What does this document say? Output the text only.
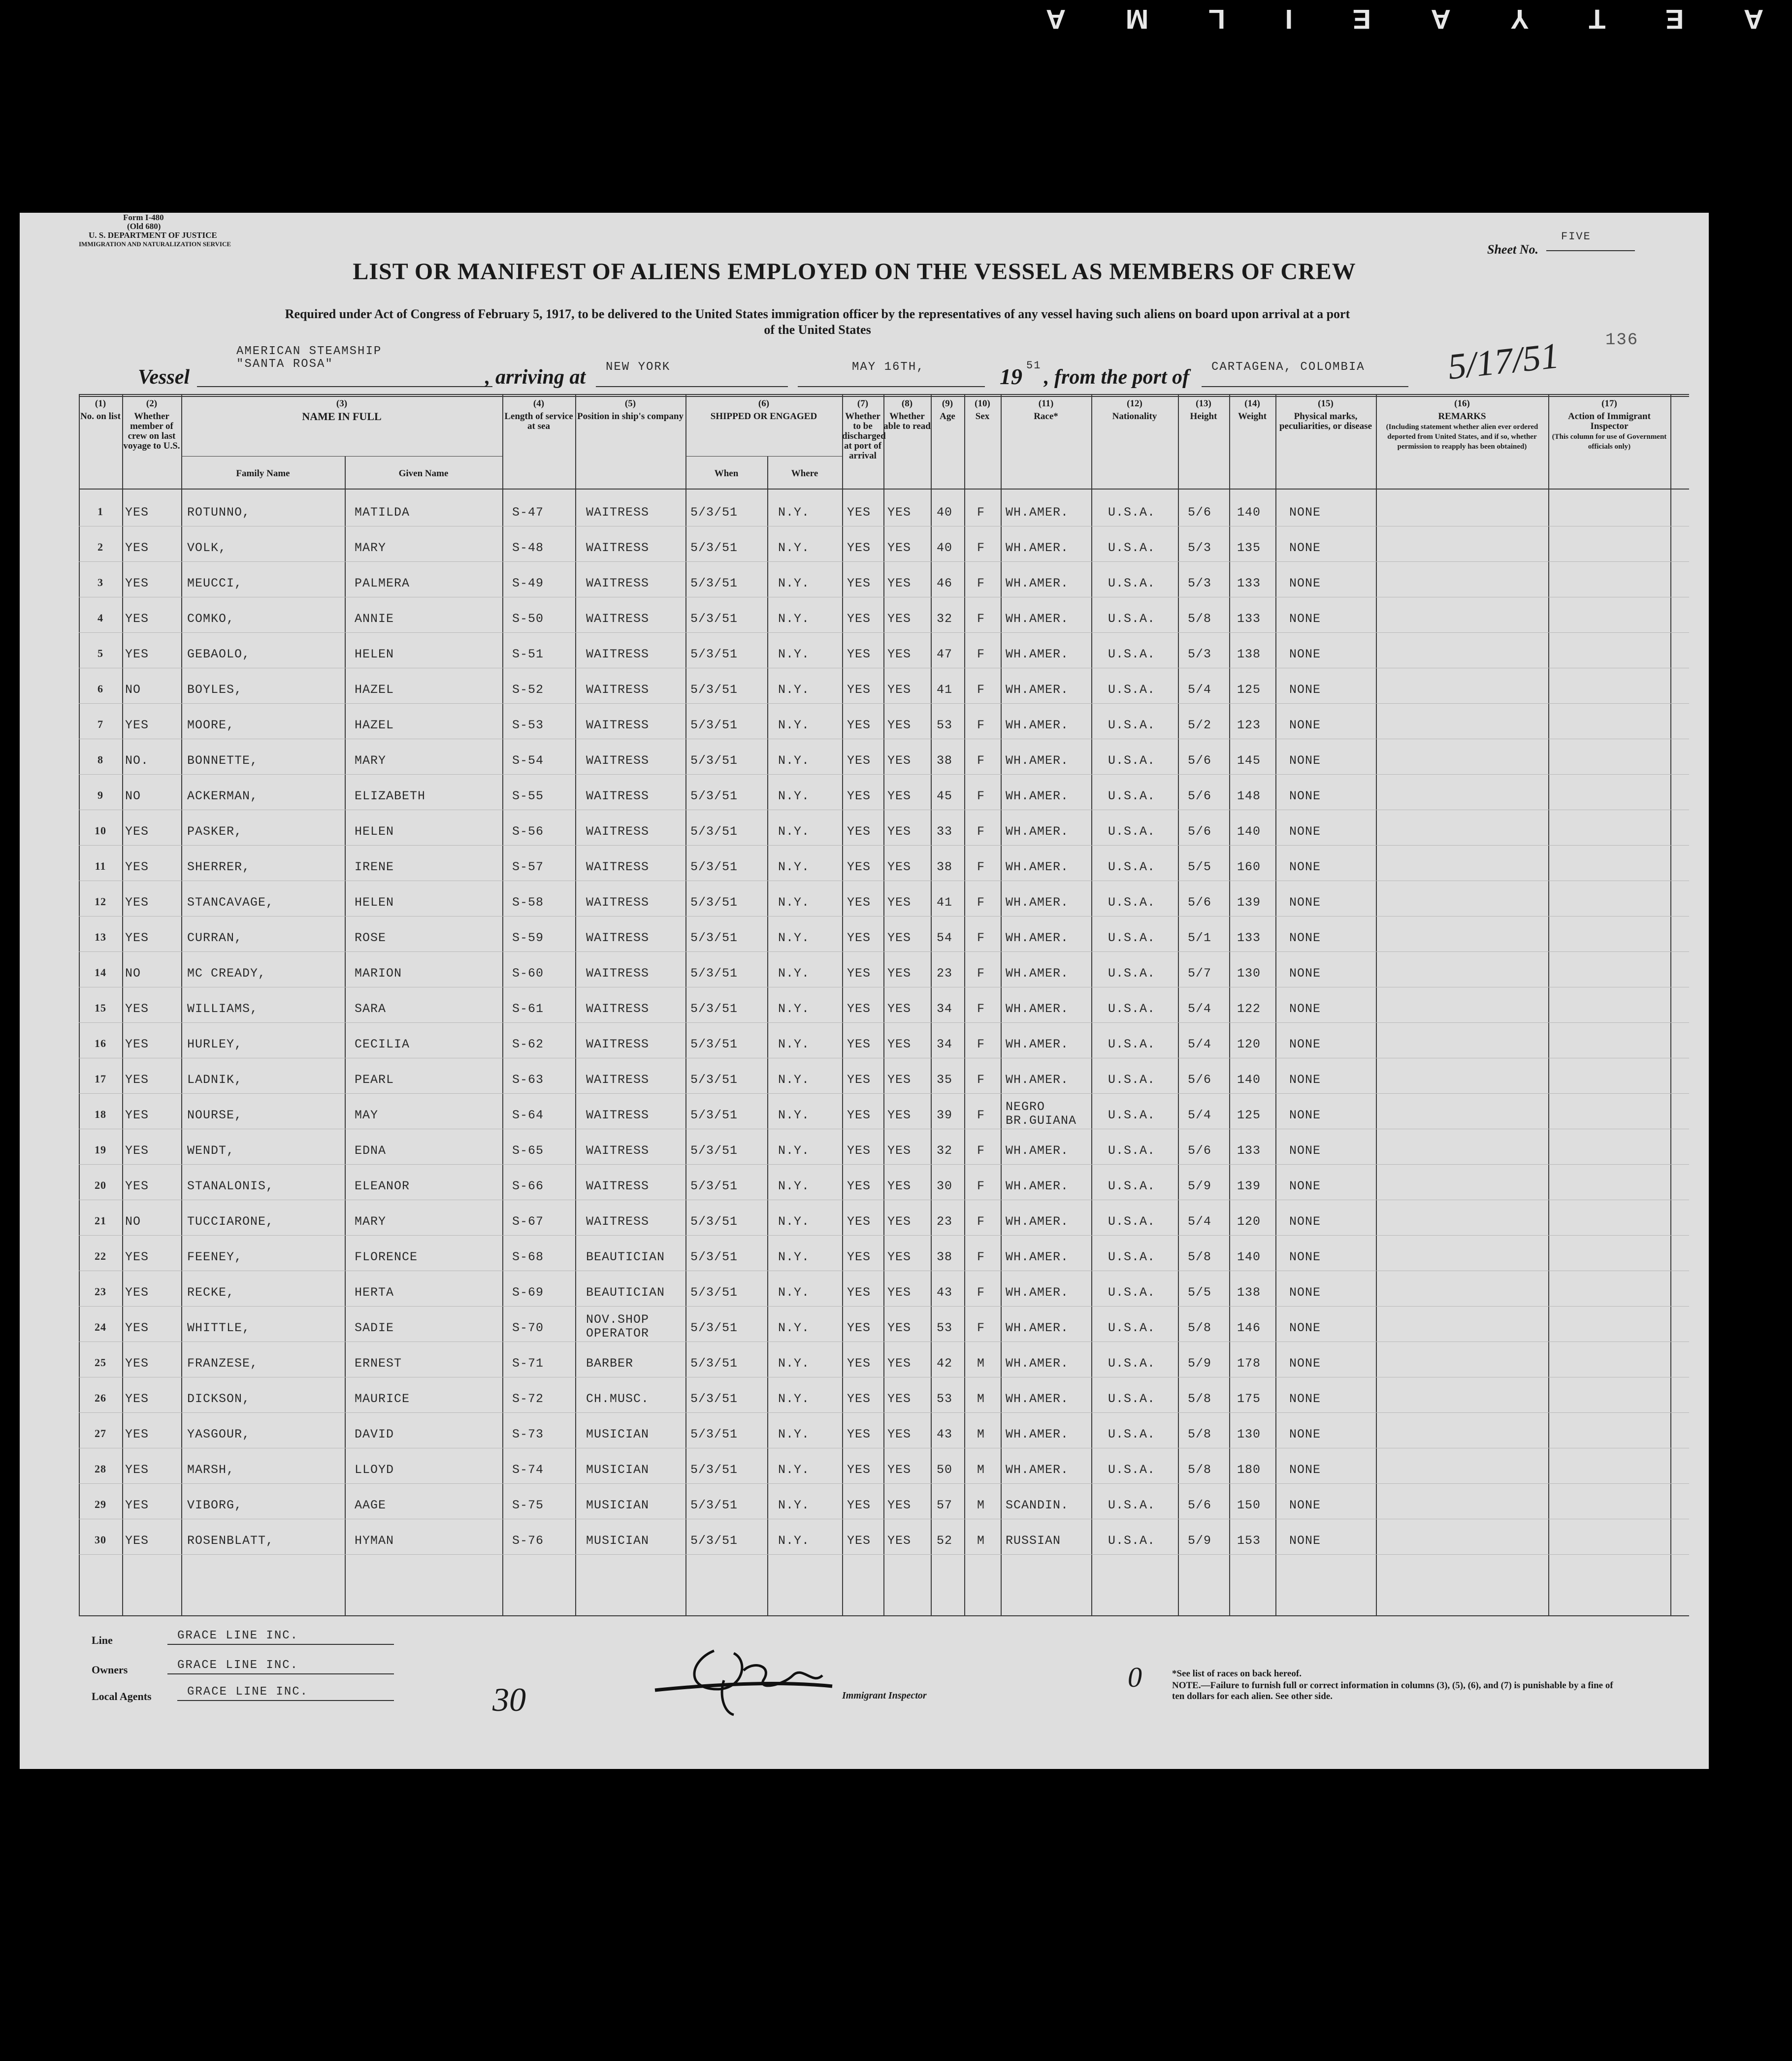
A
E
T
Y
A
E
I
L
M
A
Form I-480
(Old 680)
U. S. DEPARTMENT OF JUSTICE
IMMIGRATION AND NATURALIZATION SERVICE	Sheet No.
FIVE
LIST OR MANIFEST OF ALIENS EMPLOYED ON THE VESSEL AS MEMBERS OF CREW
Required under Act of Congress of February 5, 1917, to be delivered to the United States immigration officer by the representatives of any vessel having such aliens on board upon arrival at a port
of the United States
136
Vessel
AMERICAN STEAMSHIP
"SANTA ROSA"
, arriving at NEW YORK	MAY 16TH,	19 51
, from the port of CARTAGENA, COLOMBIA 5/17/51
(1)
No. on list
(2)
Whether member of crew on last voyage to U.S.
(3)
NAME IN FULL
Family Name	Given Name
(4)
Length of service at sea
(5)
Position in ship's company
(6)
SHIPPED OR ENGAGED
When	Where
(7)
Whether to be discharged at port of arrival
(8)
Whether able to read
(9)
Age
(10)
Sex
(11)
Race*
(12)
Nationality
(13)
Height
(14)
Weight
(15)
Physical marks, peculiarities, or disease
(16)
REMARKS
(Including statement whether alien ever ordered deported from United States, and if so, whether permission to reapply has been obtained)
(17)
Action of Immigrant Inspector
(This column for use of Government officials only)
1	YES	ROTUNNO,	MATILDA	S-47	WAITRESS	5/3/51	N.Y.	YES YES 40 F WH.AMER.	U.S.A.	5/6 140 NONE
2	YES	VOLK,	MARY	S-48	WAITRESS	5/3/51	N.Y.	YES YES 40 F WH.AMER.	U.S.A.	5/3 135 NONE
3	YES	MEUCCI,	PALMERA	S-49	WAITRESS	5/3/51	N.Y.	YES YES 46 F WH.AMER.	U.S.A.	5/3 133 NONE
4	YES	COMKO,	ANNIE	S-50	WAITRESS	5/3/51	N.Y.	YES YES 32 F WH.AMER.	U.S.A.	5/8 133 NONE
5	YES	GEBAOLO,	HELEN	S-51	WAITRESS	5/3/51	N.Y.	YES YES 47 F WH.AMER.	U.S.A.	5/3 138 NONE
6	NO	BOYLES,	HAZEL	S-52	WAITRESS	5/3/51	N.Y.	YES YES 41 F WH.AMER.	U.S.A.	5/4 125 NONE
7	YES	MOORE,	HAZEL	S-53	WAITRESS	5/3/51	N.Y.	YES YES 53 F WH.AMER.	U.S.A.	5/2 123 NONE
8	NO.	BONNETTE,	MARY	S-54	WAITRESS	5/3/51	N.Y.	YES YES 38 F WH.AMER.	U.S.A.	5/6 145 NONE
9	NO	ACKERMAN,	ELIZABETH	S-55	WAITRESS	5/3/51	N.Y.	YES YES 45 F WH.AMER.	U.S.A.	5/6 148 NONE
10	YES	PASKER,	HELEN	S-56	WAITRESS	5/3/51	N.Y.	YES YES 33 F WH.AMER.	U.S.A.	5/6 140 NONE
11	YES	SHERRER,	IRENE	S-57	WAITRESS	5/3/51	N.Y.	YES YES 38 F WH.AMER.	U.S.A.	5/5 160 NONE
12	YES	STANCAVAGE,	HELEN	S-58	WAITRESS	5/3/51	N.Y.	YES YES 41 F WH.AMER.	U.S.A.	5/6 139 NONE
13	YES	CURRAN,	ROSE	S-59	WAITRESS	5/3/51	N.Y.	YES YES 54 F WH.AMER.	U.S.A.	5/1 133 NONE
14	NO	MC CREADY,	MARION	S-60	WAITRESS	5/3/51	N.Y.	YES YES 23 F WH.AMER.	U.S.A.	5/7 130 NONE
15	YES	WILLIAMS,	SARA	S-61	WAITRESS	5/3/51	N.Y.	YES YES 34 F WH.AMER.	U.S.A.	5/4 122 NONE
16	YES	HURLEY,	CECILIA	S-62	WAITRESS	5/3/51	N.Y.	YES YES 34 F WH.AMER.	U.S.A.	5/4 120 NONE
17	YES	LADNIK,	PEARL	S-63	WAITRESS	5/3/51	N.Y.	YES YES 35 F WH.AMER.	U.S.A.	5/6 140 NONE
18	YES	NOURSE,	MAY	S-64	WAITRESS	5/3/51	N.Y.	YES YES 39 F
NEGRO BR.GUIANA	U.S.A.	5/4 125 NONE
19	YES	WENDT,	EDNA	S-65	WAITRESS	5/3/51	N.Y.	YES YES 32 F WH.AMER.	U.S.A.	5/6 133 NONE
20	YES	STANALONIS,	ELEANOR	S-66	WAITRESS	5/3/51	N.Y.	YES YES 30 F WH.AMER.	U.S.A.	5/9 139 NONE
21	NO	TUCCIARONE,	MARY	S-67	WAITRESS	5/3/51	N.Y.	YES YES 23 F WH.AMER.	U.S.A.	5/4 120 NONE
22	YES	FEENEY,	FLORENCE	S-68	BEAUTICIAN 5/3/51	N.Y.	YES YES 38 F WH.AMER.	U.S.A.	5/8 140 NONE
23	YES	RECKE,	HERTA	S-69	BEAUTICIAN 5/3/51	N.Y.	YES YES 43 F WH.AMER.	U.S.A.	5/5 138 NONE
24	YES	WHITTLE,	SADIE	S-70
NOV.SHOP OPERATOR	5/3/51	N.Y.	YES YES 53 F WH.AMER.	U.S.A.	5/8 146 NONE
25	YES	FRANZESE,	ERNEST	S-71	BARBER	5/3/51	N.Y.	YES YES 42 M WH.AMER.	U.S.A.	5/9 178 NONE
26	YES	DICKSON,	MAURICE	S-72	CH.MUSC.	5/3/51	N.Y.	YES YES 53 M WH.AMER.	U.S.A.	5/8 175 NONE
27	YES	YASGOUR,	DAVID	S-73	MUSICIAN	5/3/51	N.Y.	YES YES 43 M WH.AMER.	U.S.A.	5/8 130 NONE
28	YES	MARSH,	LLOYD	S-74	MUSICIAN	5/3/51	N.Y.	YES YES 50 M WH.AMER.	U.S.A.	5/8 180 NONE
29	YES	VIBORG,	AAGE	S-75	MUSICIAN	5/3/51	N.Y.	YES YES 57 M SCANDIN.	U.S.A.	5/6 150 NONE
30	YES	ROSENBLATT,	HYMAN	S-76	MUSICIAN	5/3/51	N.Y.	YES YES 52 M RUSSIAN	U.S.A.	5/9 153 NONE
Line	GRACE LINE INC.
Owners	GRACE LINE INC.
Local Agents	GRACE LINE INC.	30	Immigrant Inspector
0	*See list of races on back hereof.
NOTE.—Failure to furnish full or correct information in columns (3), (5), (6), and (7) is punishable by a fine of ten dollars for each alien. See other side.
